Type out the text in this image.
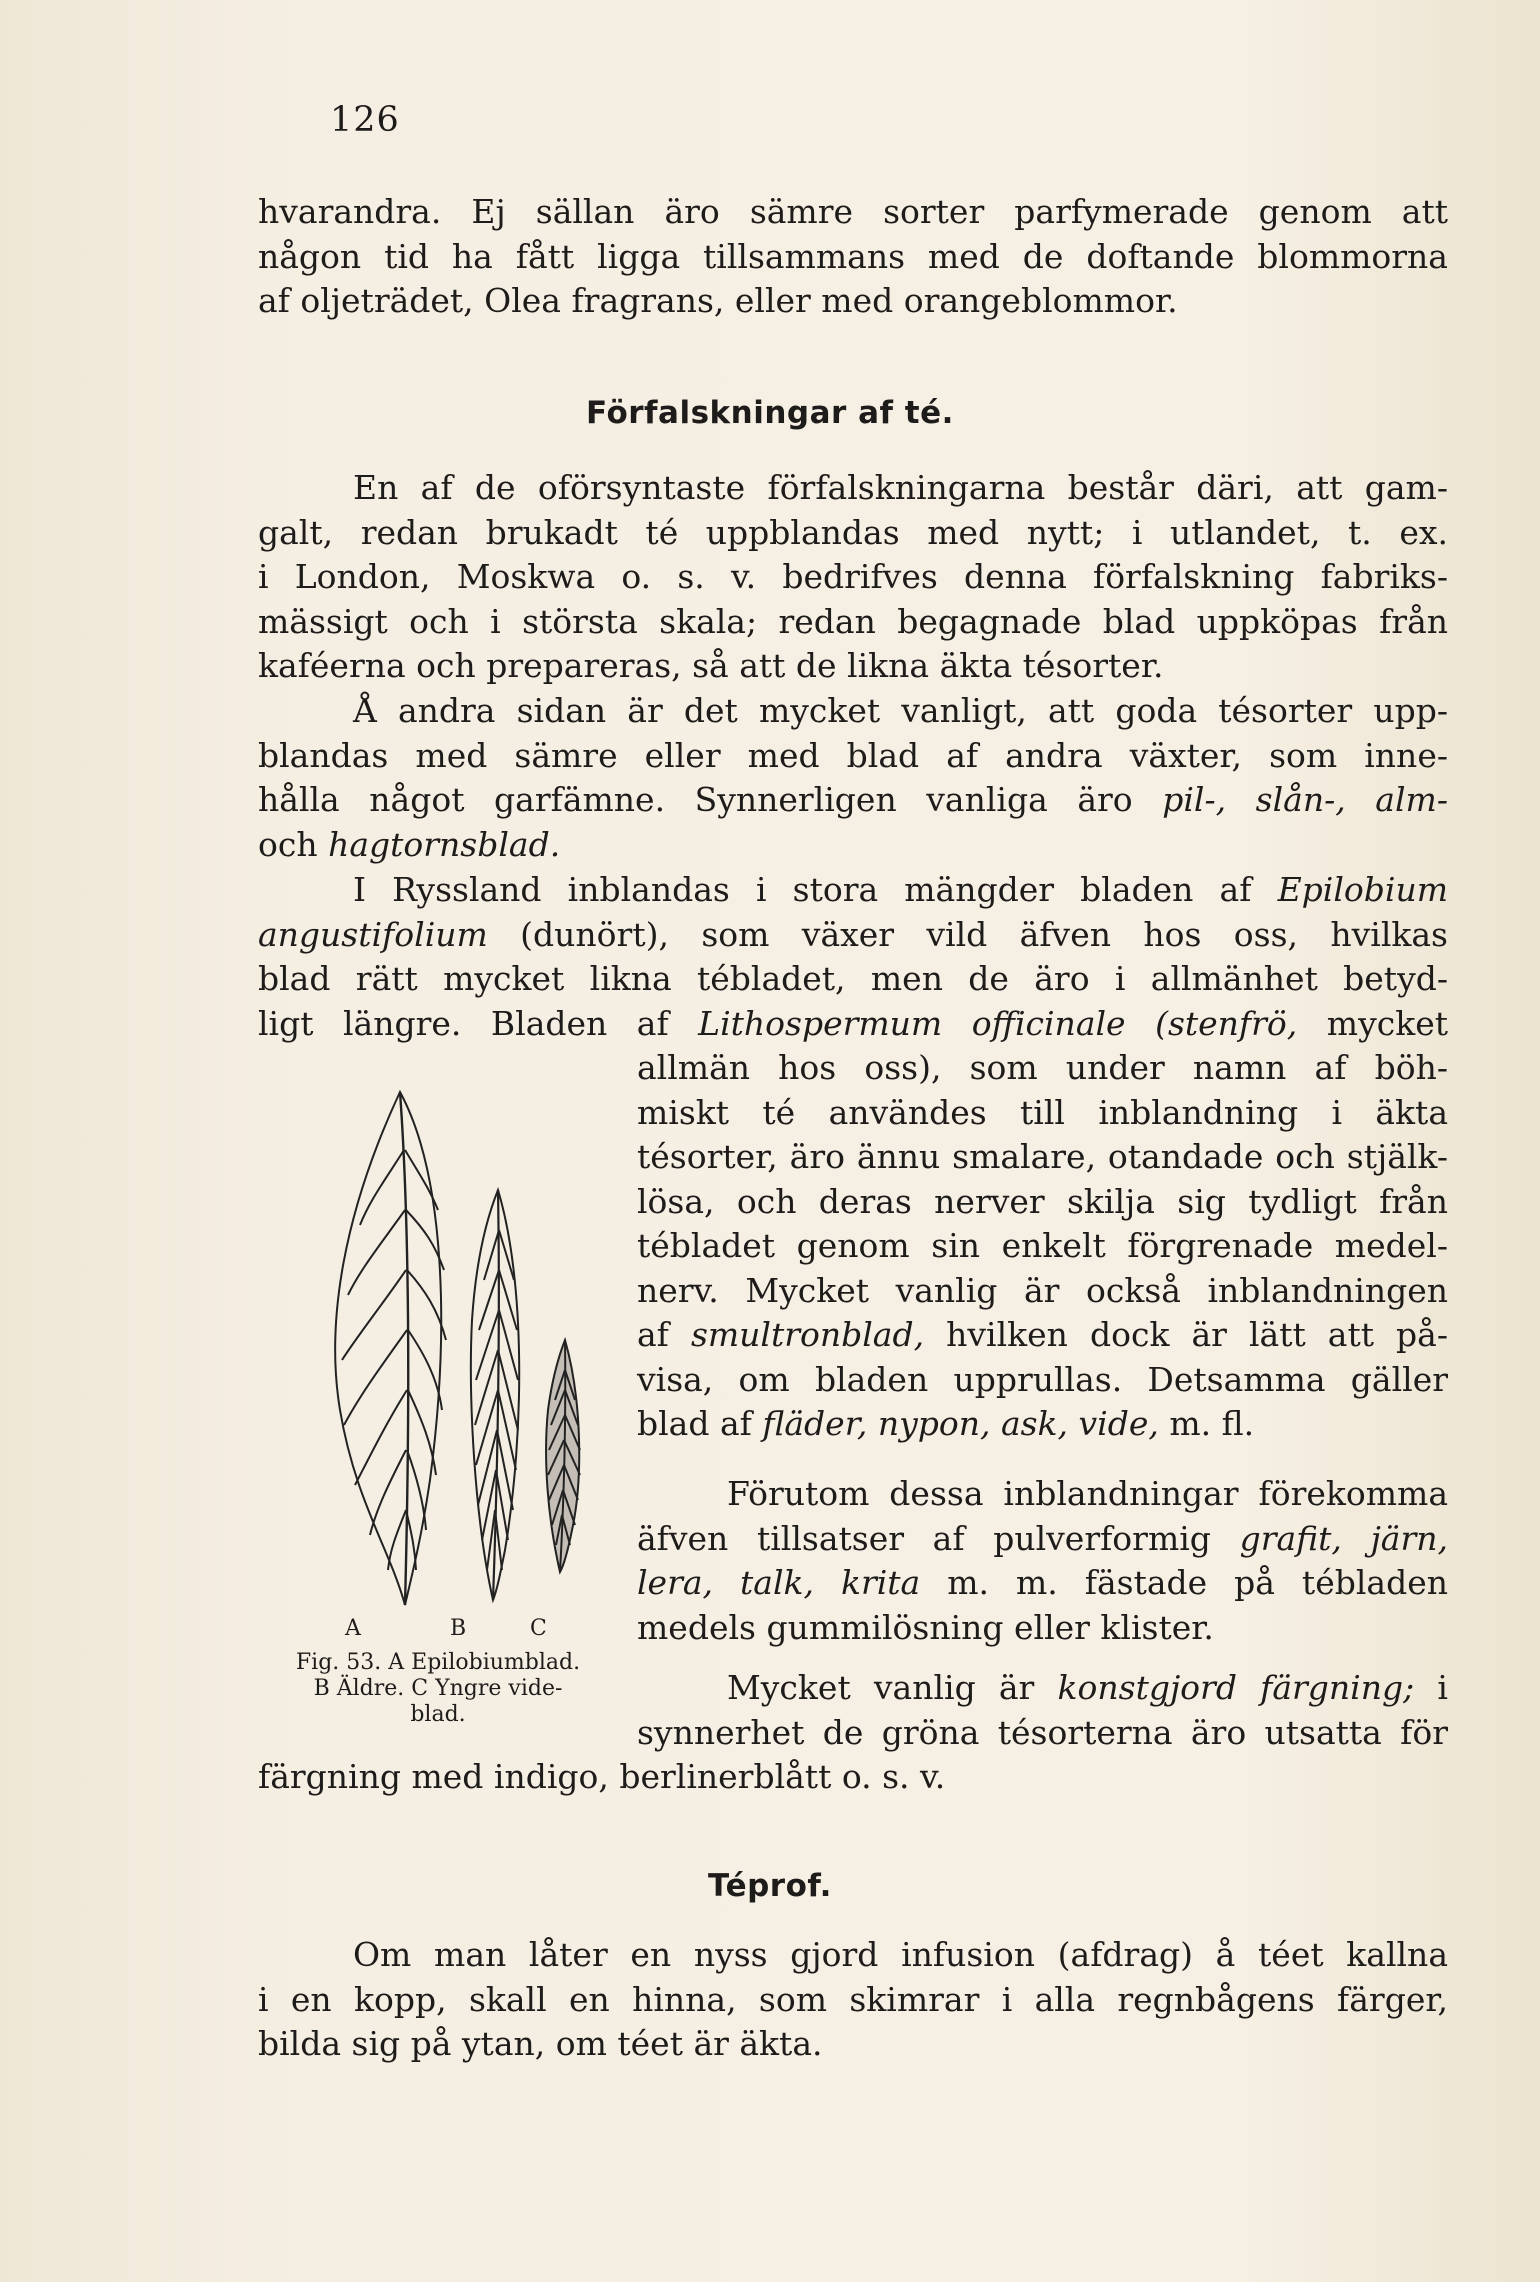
126
hvarandra. Ej sällan äro sämre sorter parfymerade genom att
någon tid ha fått ligga tillsammans med de doftande blommorna
af oljeträdet, Olea fragrans, eller med orangeblommor.
Förfalskningar af té.
En af de oförsyntaste förfalskningarna består däri, att gam-
galt, redan brukadt té uppblandas med nytt; i utlandet, t. ex.
i London, Moskwa o. s. v. bedrifves denna förfalskning fabriks-
mässigt och i största skala; redan begagnade blad uppköpas från
kaféerna och prepareras, så att de likna äkta tésorter.
Å andra sidan är det mycket vanligt, att goda tésorter upp-
blandas med sämre eller med blad af andra växter, som inne-
hålla något garfämne. Synnerligen vanliga äro pil-, slån-, alm-
och hagtornsblad.
I Ryssland inblandas i stora mängder bladen af Epilobium
angustifolium (dunört), som växer vild äfven hos oss, hvilkas
blad rätt mycket likna tébladet, men de äro i allmänhet betyd-
ligt längre. Bladen af Lithospermum officinale (stenfrö, mycket
allmän hos oss), som under namn af böh-
miskt té användes till inblandning i äkta
tésorter, äro ännu smalare, otandade och stjälk-
lösa, och deras nerver skilja sig tydligt från
tébladet genom sin enkelt förgrenade medel-
nerv. Mycket vanlig är också inblandningen
af smultronblad, hvilken dock är lätt att på-
visa, om bladen upprullas. Detsamma gäller
blad af fläder, nypon, ask, vide, m. fl.
Förutom dessa inblandningar förekomma
äfven tillsatser af pulverformig grafit, järn,
lera, talk, krita m. m. fästade på tébladen
medels gummilösning eller klister.
Mycket vanlig är konstgjord färgning; i
synnerhet de gröna tésorterna äro utsatta för
färgning med indigo, berlinerblått o. s. v.
Téprof.
Om man låter en nyss gjord infusion (afdrag) å téet kallna
i en kopp, skall en hinna, som skimrar i alla regnbågens färger,
bilda sig på ytan, om téet är äkta.
A	B	C
Fig. 53. A Epilobiumblad.
B Äldre. C Yngre vide-
blad.
